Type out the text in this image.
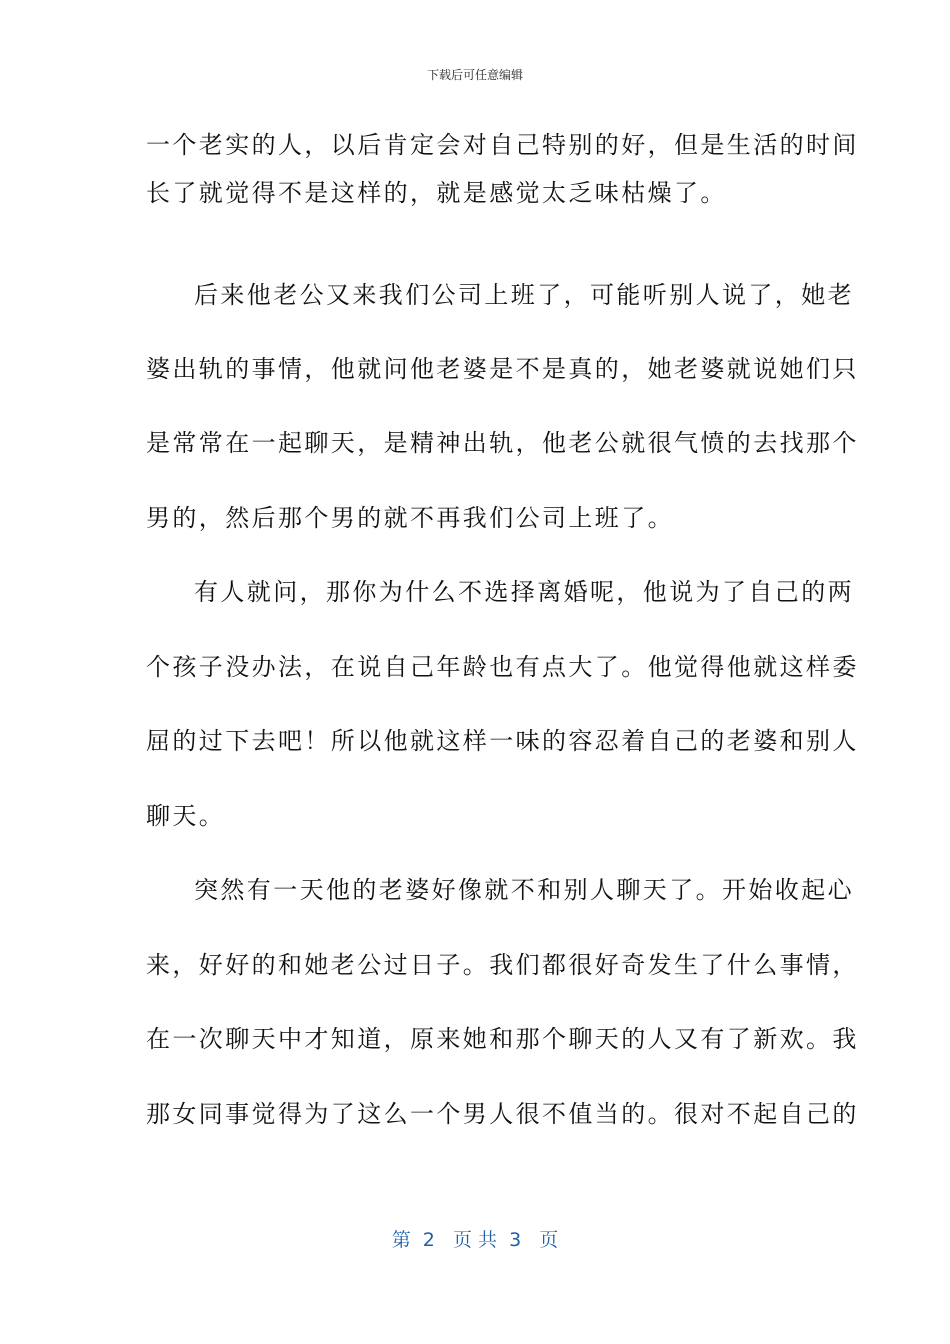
下载后可任意编辑
一个老实的人，以后肯定会对自己特别的好，但是生活的时间
长了就觉得不是这样的，就是感觉太乏味枯燥了。
后来他老公又来我们公司上班了，可能听别人说了，她老
婆出轨的事情，他就问他老婆是不是真的，她老婆就说她们只
是常常在一起聊天，是精神出轨，他老公就很气愤的去找那个
男的，然后那个男的就不再我们公司上班了。
有人就问，那你为什么不选择离婚呢，他说为了自己的两
个孩子没办法，在说自己年龄也有点大了。他觉得他就这样委
屈的过下去吧！所以他就这样一味的容忍着自己的老婆和别人
聊天。
突然有一天他的老婆好像就不和别人聊天了。开始收起心
来，好好的和她老公过日子。我们都很好奇发生了什么事情，
在一次聊天中才知道，原来她和那个聊天的人又有了新欢。我
那女同事觉得为了这么一个男人很不值当的。很对不起自己的
第  2   页 共  3   页
